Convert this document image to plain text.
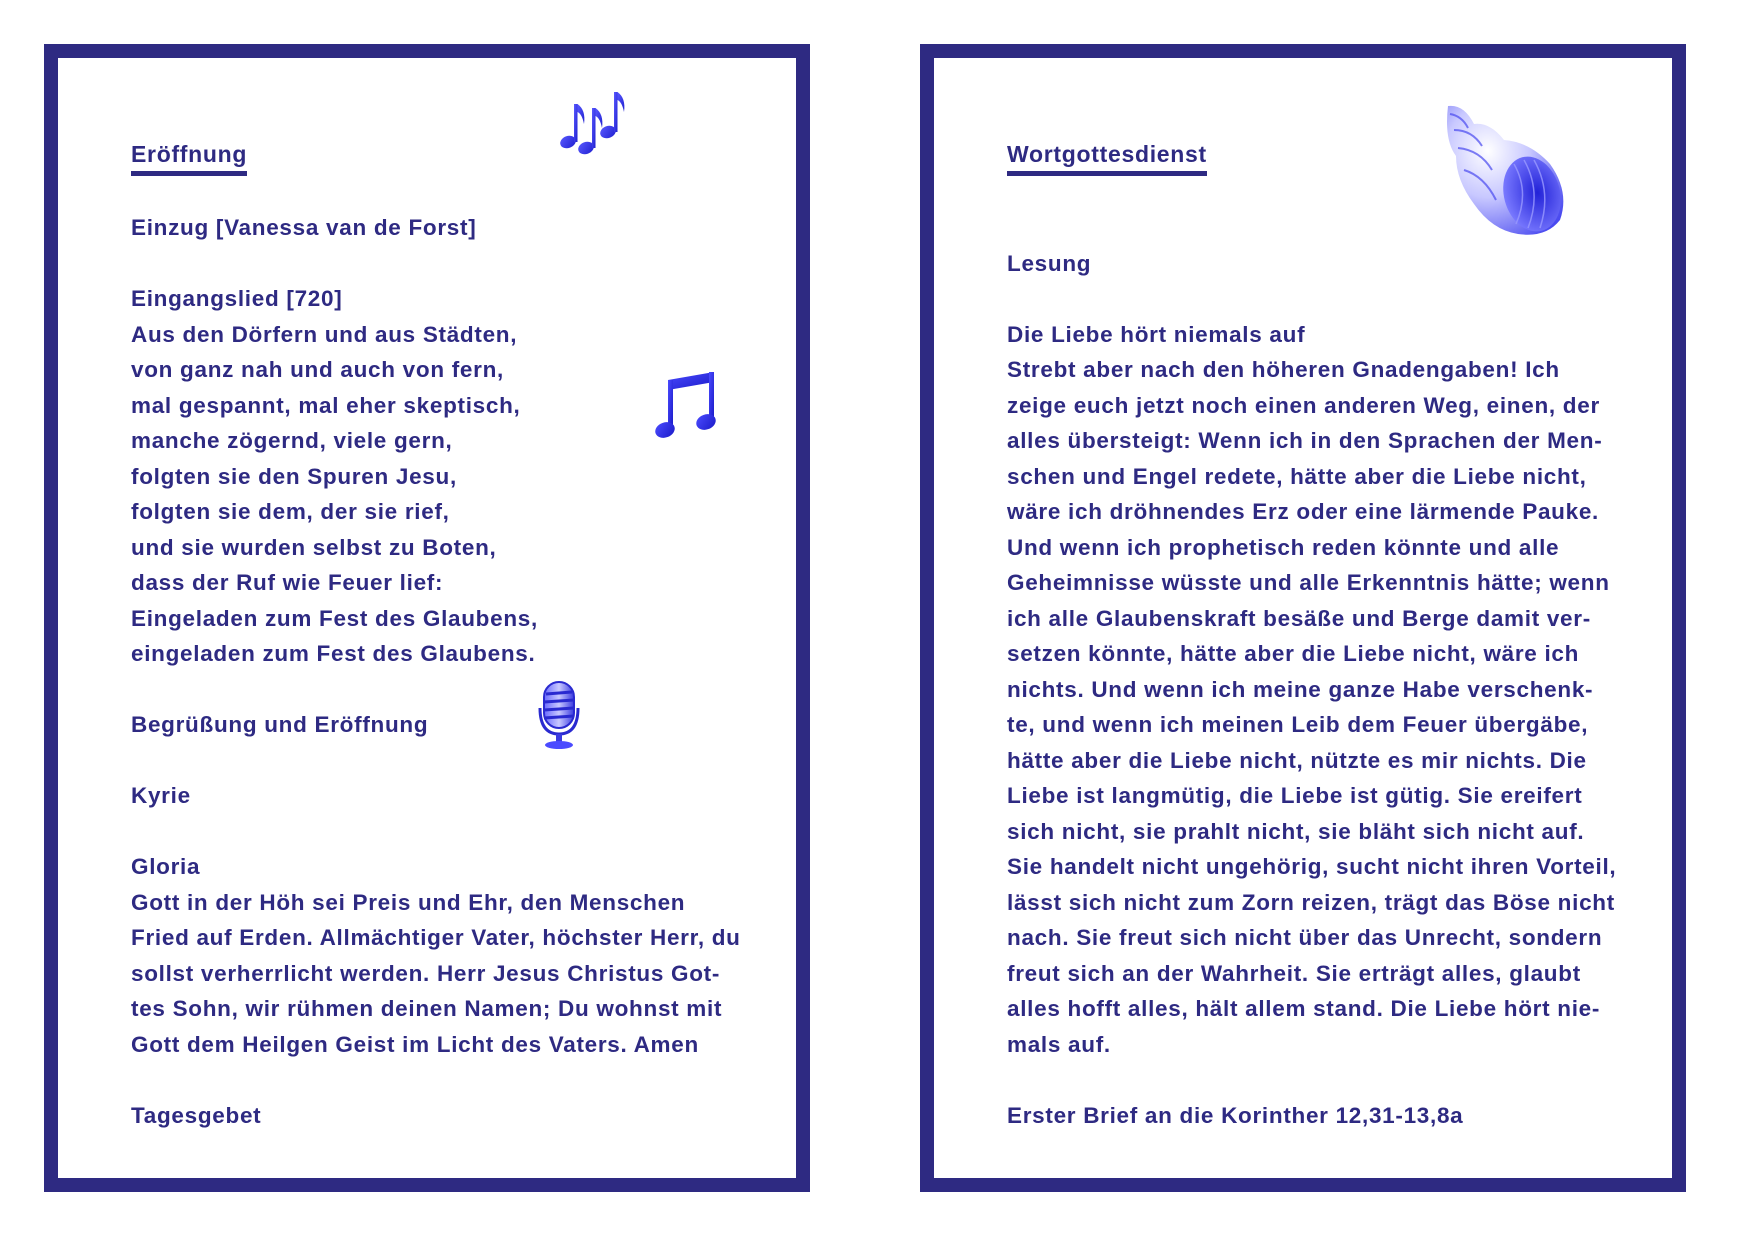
Eröffnung
Einzug [Vanessa van de Forst]
Eingangslied [720]
Aus den Dörfern und aus Städten,
von ganz nah und auch von fern,
mal gespannt, mal eher skeptisch,
manche zögernd, viele gern,
folgten sie den Spuren Jesu,
folgten sie dem, der sie rief,
und sie wurden selbst zu Boten,
dass der Ruf wie Feuer lief:
Eingeladen zum Fest des Glaubens,
eingeladen zum Fest des Glaubens.
Begrüßung und Eröffnung
Kyrie
Gloria
Gott in der Höh sei Preis und Ehr, den Menschen
Fried auf Erden. Allmächtiger Vater, höchster Herr, du
sollst verherrlicht werden. Herr Jesus Christus Got-
tes Sohn, wir rühmen deinen Namen; Du wohnst mit
Gott dem Heilgen Geist im Licht des Vaters. Amen
Tagesgebet
Wortgottesdienst
Lesung
Die Liebe hört niemals auf
Strebt aber nach den höheren Gnadengaben! Ich
zeige euch jetzt noch einen anderen Weg, einen, der
alles übersteigt: Wenn ich in den Sprachen der Men-
schen und Engel redete, hätte aber die Liebe nicht,
wäre ich dröhnendes Erz oder eine lärmende Pauke.
Und wenn ich prophetisch reden könnte und alle
Geheimnisse wüsste und alle Erkenntnis hätte; wenn
ich alle Glaubenskraft besäße und Berge damit ver-
setzen könnte, hätte aber die Liebe nicht, wäre ich
nichts. Und wenn ich meine ganze Habe verschenk-
te, und wenn ich meinen Leib dem Feuer übergäbe,
hätte aber die Liebe nicht, nützte es mir nichts. Die
Liebe ist langmütig, die Liebe ist gütig. Sie ereifert
sich nicht, sie prahlt nicht, sie bläht sich nicht auf.
Sie handelt nicht ungehörig, sucht nicht ihren Vorteil,
lässt sich nicht zum Zorn reizen, trägt das Böse nicht
nach. Sie freut sich nicht über das Unrecht, sondern
freut sich an der Wahrheit. Sie erträgt alles, glaubt
alles hofft alles, hält allem stand. Die Liebe hört nie-
mals auf.
Erster Brief an die Korinther 12,31-13,8a
